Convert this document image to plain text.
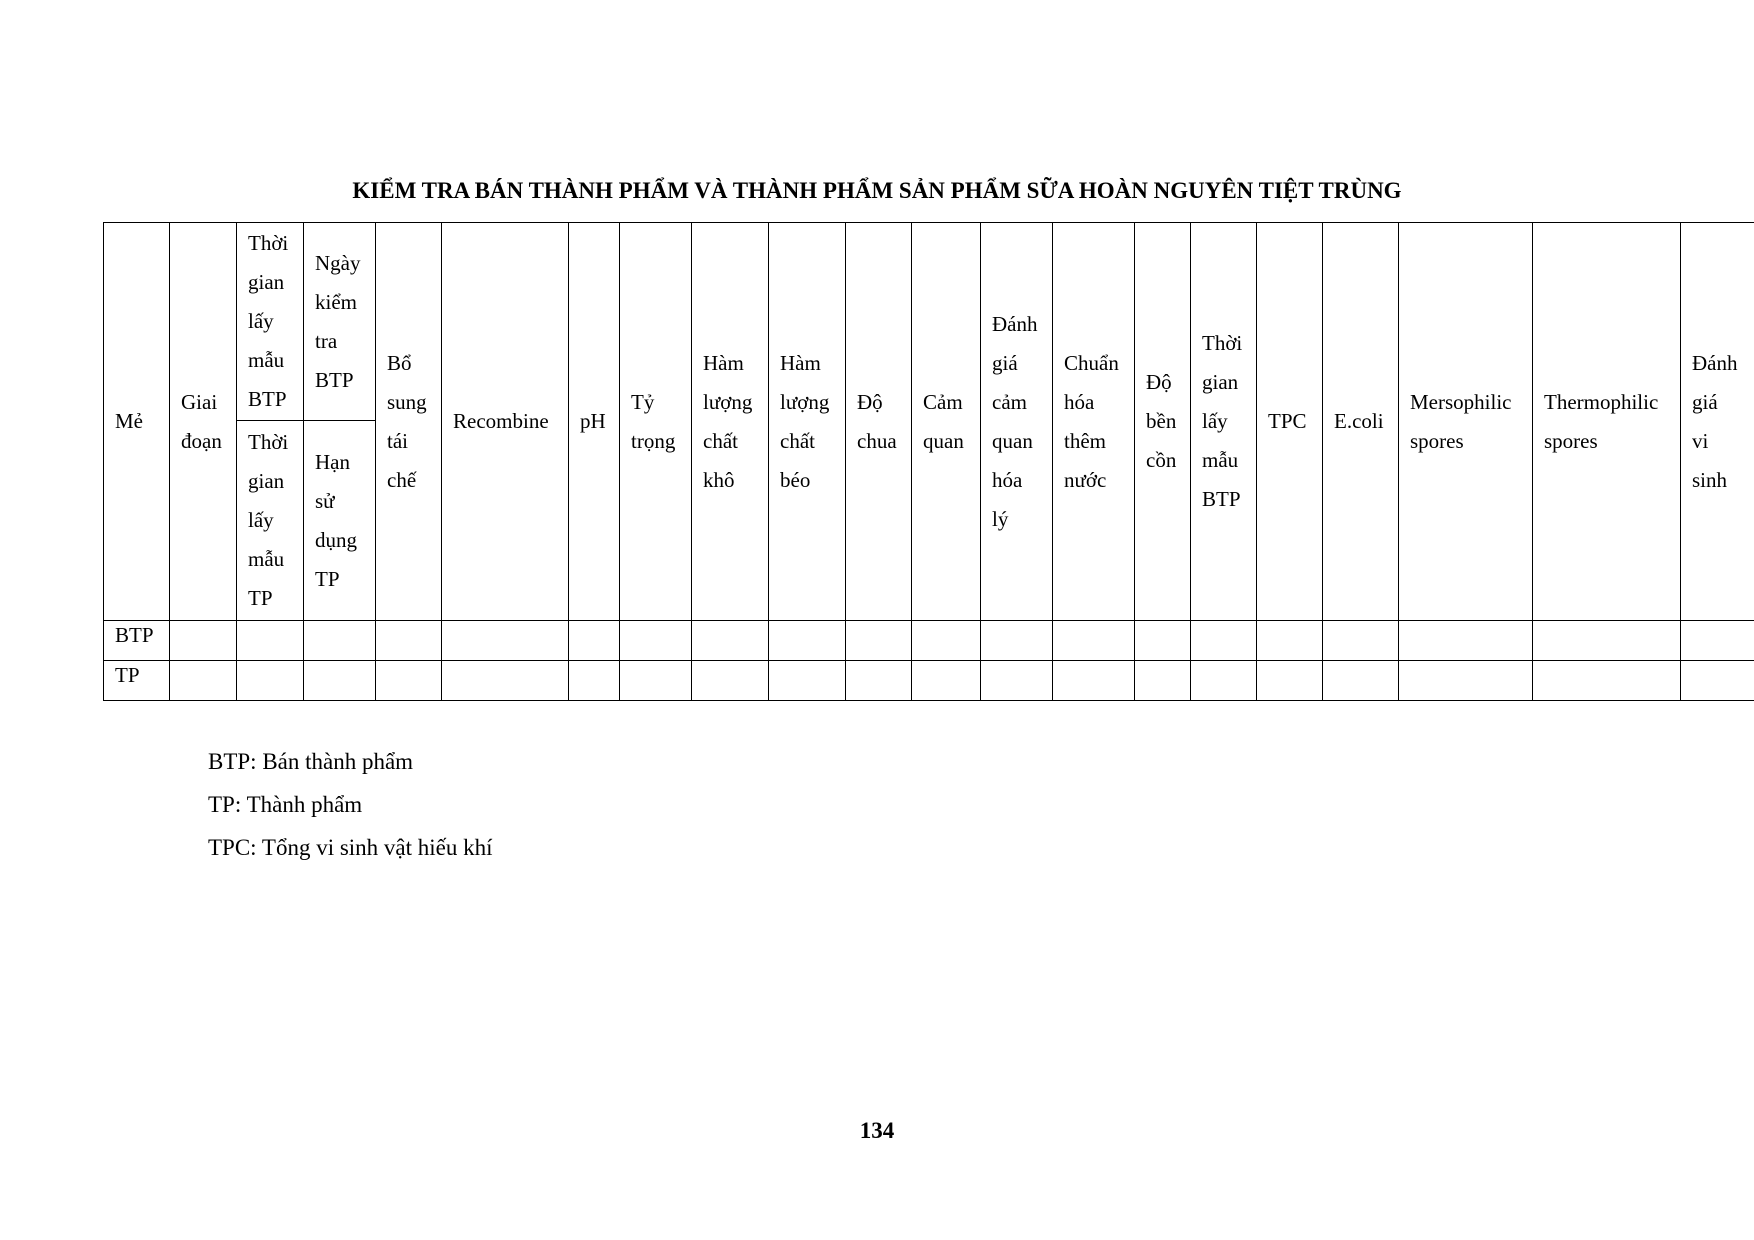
KIỂM TRA BÁN THÀNH PHẨM VÀ THÀNH PHẨM SẢN PHẨM SỮA HOÀN NGUYÊN TIỆT TRÙNG
Mẻ	Giai đoạn	Thời gian lấy mẫu BTP	Ngày kiểm tra BTP	Bổ sung tái chế	Recombine	pH	Tỷ trọng	Hàm lượng chất khô	Hàm lượng chất béo	Độ chua	Cảm quan	Đánh giá cảm quan hóa lý	Chuẩn hóa thêm nước	Độ bền cồn	Thời gian lấy mẫu BTP	TPC	E.coli	Mersophilic spores	Thermophilic spores	Đánh giá vi sinh
		Thời gian lấy mẫu TP	Hạn sử dụng TP																	
BTP																				
TP																				
BTP: Bán thành phẩm
TP: Thành phẩm
TPC: Tổng vi sinh vật hiếu khí
134
